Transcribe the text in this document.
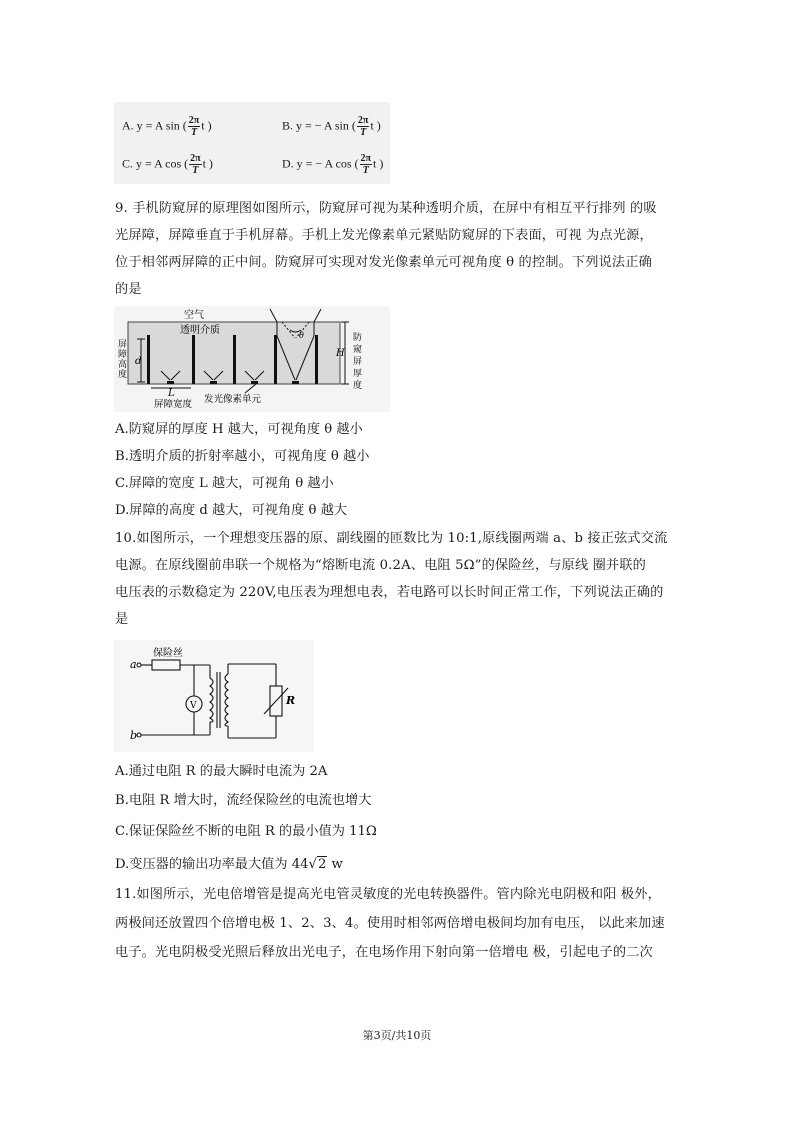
A. y = A sin ( $\frac{2\pi}{T}$ t )	B. y = − A sin ( $\frac{2\pi}{T}$ t )
C. y = A cos ( $\frac{2\pi}{T}$ t )	D. y = − A cos ( $\frac{2\pi}{T}$ t )
9. 手机防窥屏的原理图如图所示，防窥屏可视为某种透明介质，在屏中有相互平行排列 的吸
光屏障，屏障垂直于手机屏幕。手机上发光像素单元紧贴防窥屏的下表面，可视 为点光源，
位于相邻两屏障的正中间。防窥屏可实现对发光像素单元可视角度 θ 的控制。下列说法正确
的是
空气
透明介质
屏
障
高
度
d
L
屏障宽度 发光像素单元
θ
H
防
窥
屏
厚
度
A.防窥屏的厚度 H 越大，可视角度 θ 越小
B.透明介质的折射率越小，可视角度 θ 越小
C.屏障的宽度 L 越大，可视角 θ 越小
D.屏障的高度 d 越大，可视角度 θ 越大
10.如图所示，一个理想变压器的原、副线圈的匝数比为 10:1,原线圈两端 a、b 接正弦式交流
电源。在原线圈前串联一个规格为“熔断电流 0.2A、电阻 5Ω”的保险丝，与原线 圈并联的
电压表的示数稳定为 220V,电压表为理想电表，若电路可以长时间正常工作，下列说法正确的
是
保险丝
a
b
V	R
A.通过电阻 R 的最大瞬时电流为 2A
B.电阻 R 增大时，流经保险丝的电流也增大
C.保证保险丝不断的电阻 R 的最小值为 11Ω
D.变压器的输出功率最大值为 44√2 w
11.如图所示，光电倍增管是提高光电管灵敏度的光电转换器件。管内除光电阴极和阳 极外，
两极间还放置四个倍增电极 1、2、3、4。使用时相邻两倍增电极间均加有电压， 以此来加速
电子。光电阴极受光照后释放出光电子，在电场作用下射向第一倍增电 极，引起电子的二次
第3页/共10页
